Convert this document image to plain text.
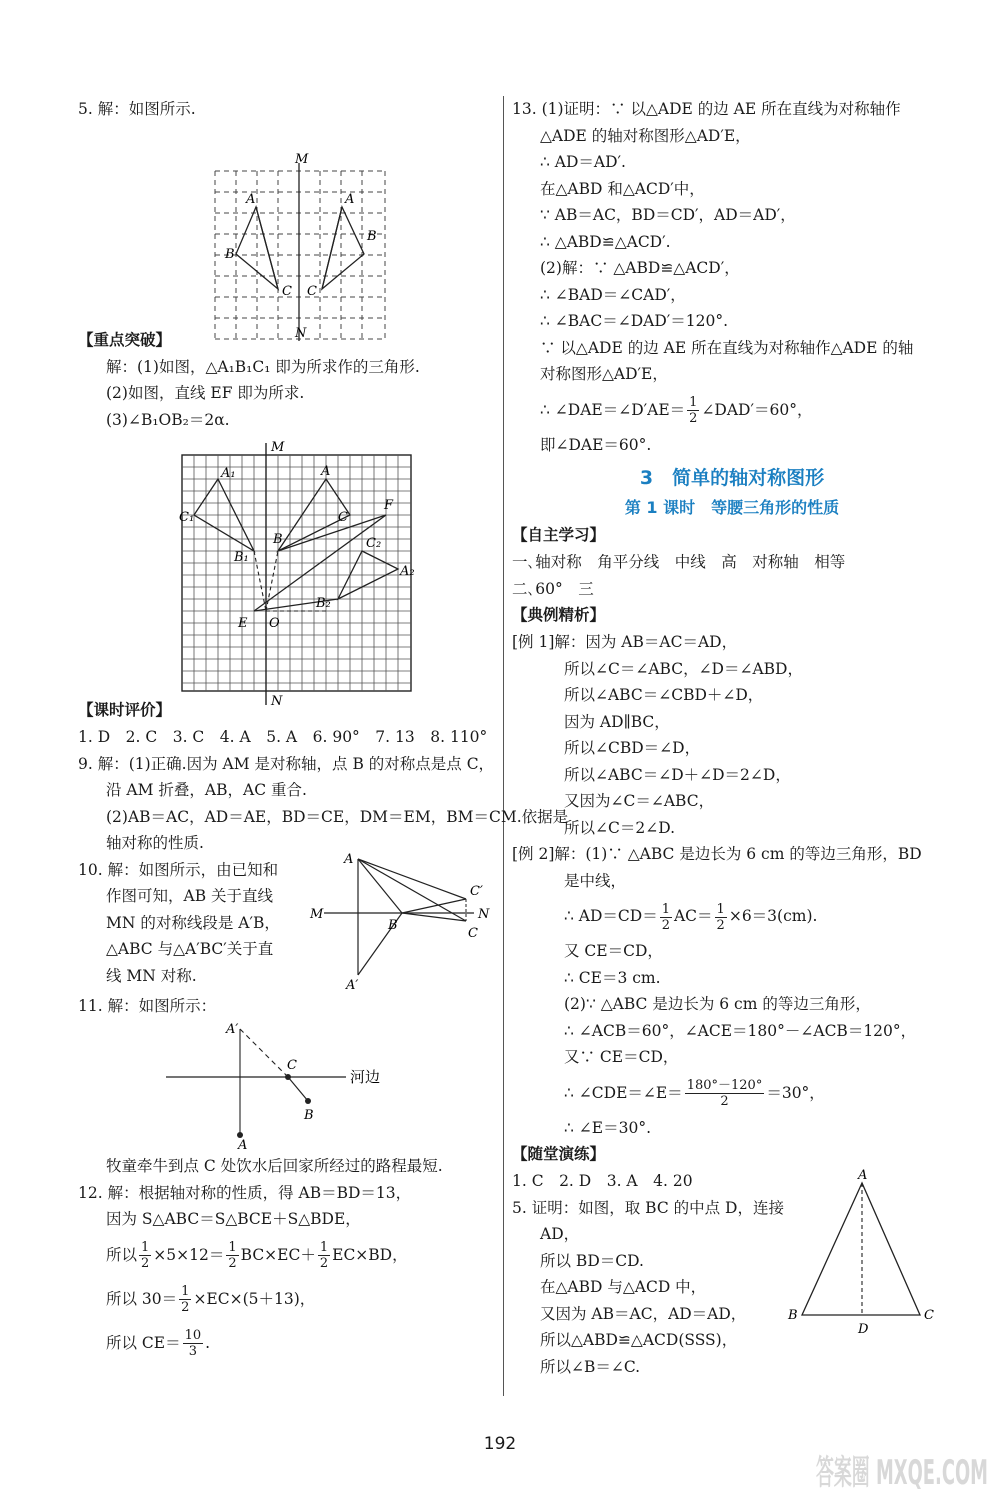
5. 解：如图所示.
M
N
A	A
B
B
C C
【重点突破】
解：(1)如图，△A₁B₁C₁ 即为所求作的三角形.
(2)如图，直线 EF 即为所求.
(3)∠B₁OB₂＝2α.
M
N
A₁
C₁
A
C
B
B₁
F
C₂
A₂
B₂
E O
【课时评价】
1. D　2. C　3. C　4. A　5. A　6. 90°　7. 13　8. 110°
9. 解：(1)正确.因为 AM 是对称轴，点 B 的对称点是点 C，
沿 AM 折叠，AB，AC 重合.
(2)AB＝AC，AD＝AE，BD＝CE，DM＝EM，BM＝CM.依据是
轴对称的性质.
10. 解：如图所示，由已知和
作图可知，AB 关于直线
MN 的对称线段是 A′B，
△ABC 与△A′BC′关于直
线 MN 对称.
A
M
C′
N
B
C
A′
11. 解：如图所示：
A′
C
河边
B
A
牧童牵牛到点 C 处饮水后回家所经过的路程最短.
12. 解：根据轴对称的性质，得 AB＝BD＝13，
因为 S△ABC＝S△BCE＋S△BDE，
所以 $\frac{1}{2} \times 5\times 12= \frac{1}{2} BC\times EC+ \frac{1}{2} EC\times BD$，
所以 $30= \frac{1}{2} \times EC\times(5+13)$，
所以 $CE= \frac{10}{3}$ .
13. (1)证明：∵ 以△ADE 的边 AE 所在直线为对称轴作
△ADE 的轴对称图形△AD′E，
∴ AD＝AD′.
在△ABD 和△ACD′中，
∵ AB＝AC，BD＝CD′，AD＝AD′，
∴ △ABD≌△ACD′.
(2)解：∵ △ABD≌△ACD′，
∴ ∠BAD＝∠CAD′，
∴ ∠BAC＝∠DAD′＝120°.
∵ 以△ADE 的边 AE 所在直线为对称轴作△ADE 的轴
对称图形△AD′E，
∴ ∠DAE＝∠D′AE＝ $\frac{1}{2}$ ∠DAD′＝60°，
即∠DAE＝60°.
3　简单的轴对称图形
第 1 课时　等腰三角形的性质
【自主学习】
一､轴对称　角平分线　中线　高　对称轴　相等
二､60°　三
【典例精析】
[例 1]解：因为 AB＝AC＝AD，
所以∠C＝∠ABC，∠D＝∠ABD，
所以∠ABC＝∠CBD＋∠D，
因为 AD∥BC，
所以∠CBD＝∠D，
所以∠ABC＝∠D＋∠D＝2∠D，
又因为∠C＝∠ABC，
所以∠C＝2∠D.
[例 2]解：(1)∵ △ABC 是边长为 6 cm 的等边三角形，BD
是中线，
∴ $AD=CD= \frac{1}{2} AC= \frac{1}{2} \times 6=3(cm)$.
又 CE＝CD，
∴ CE＝3 cm.
(2)∵ △ABC 是边长为 6 cm 的等边三角形，
∴ ∠ACB＝60°，∠ACE＝180°－∠ACB＝120°，
又∵ CE＝CD，
∴ ∠CDE＝∠E＝ $\frac{180^\circ-120^\circ}{2} =30^\circ$，
∴ ∠E＝30°.
【随堂演练】
1. C　2. D　3. A　4. 20
5. 证明：如图，取 BC 的中点 D，连接
AD，
所以 BD＝CD.
在△ABD 与△ACD 中，
又因为 AB＝AC，AD＝AD，
所以△ABD≌△ACD(SSS)，
所以∠B＝∠C.
A
B	C
D
192
答案圈 MXQE.COM
